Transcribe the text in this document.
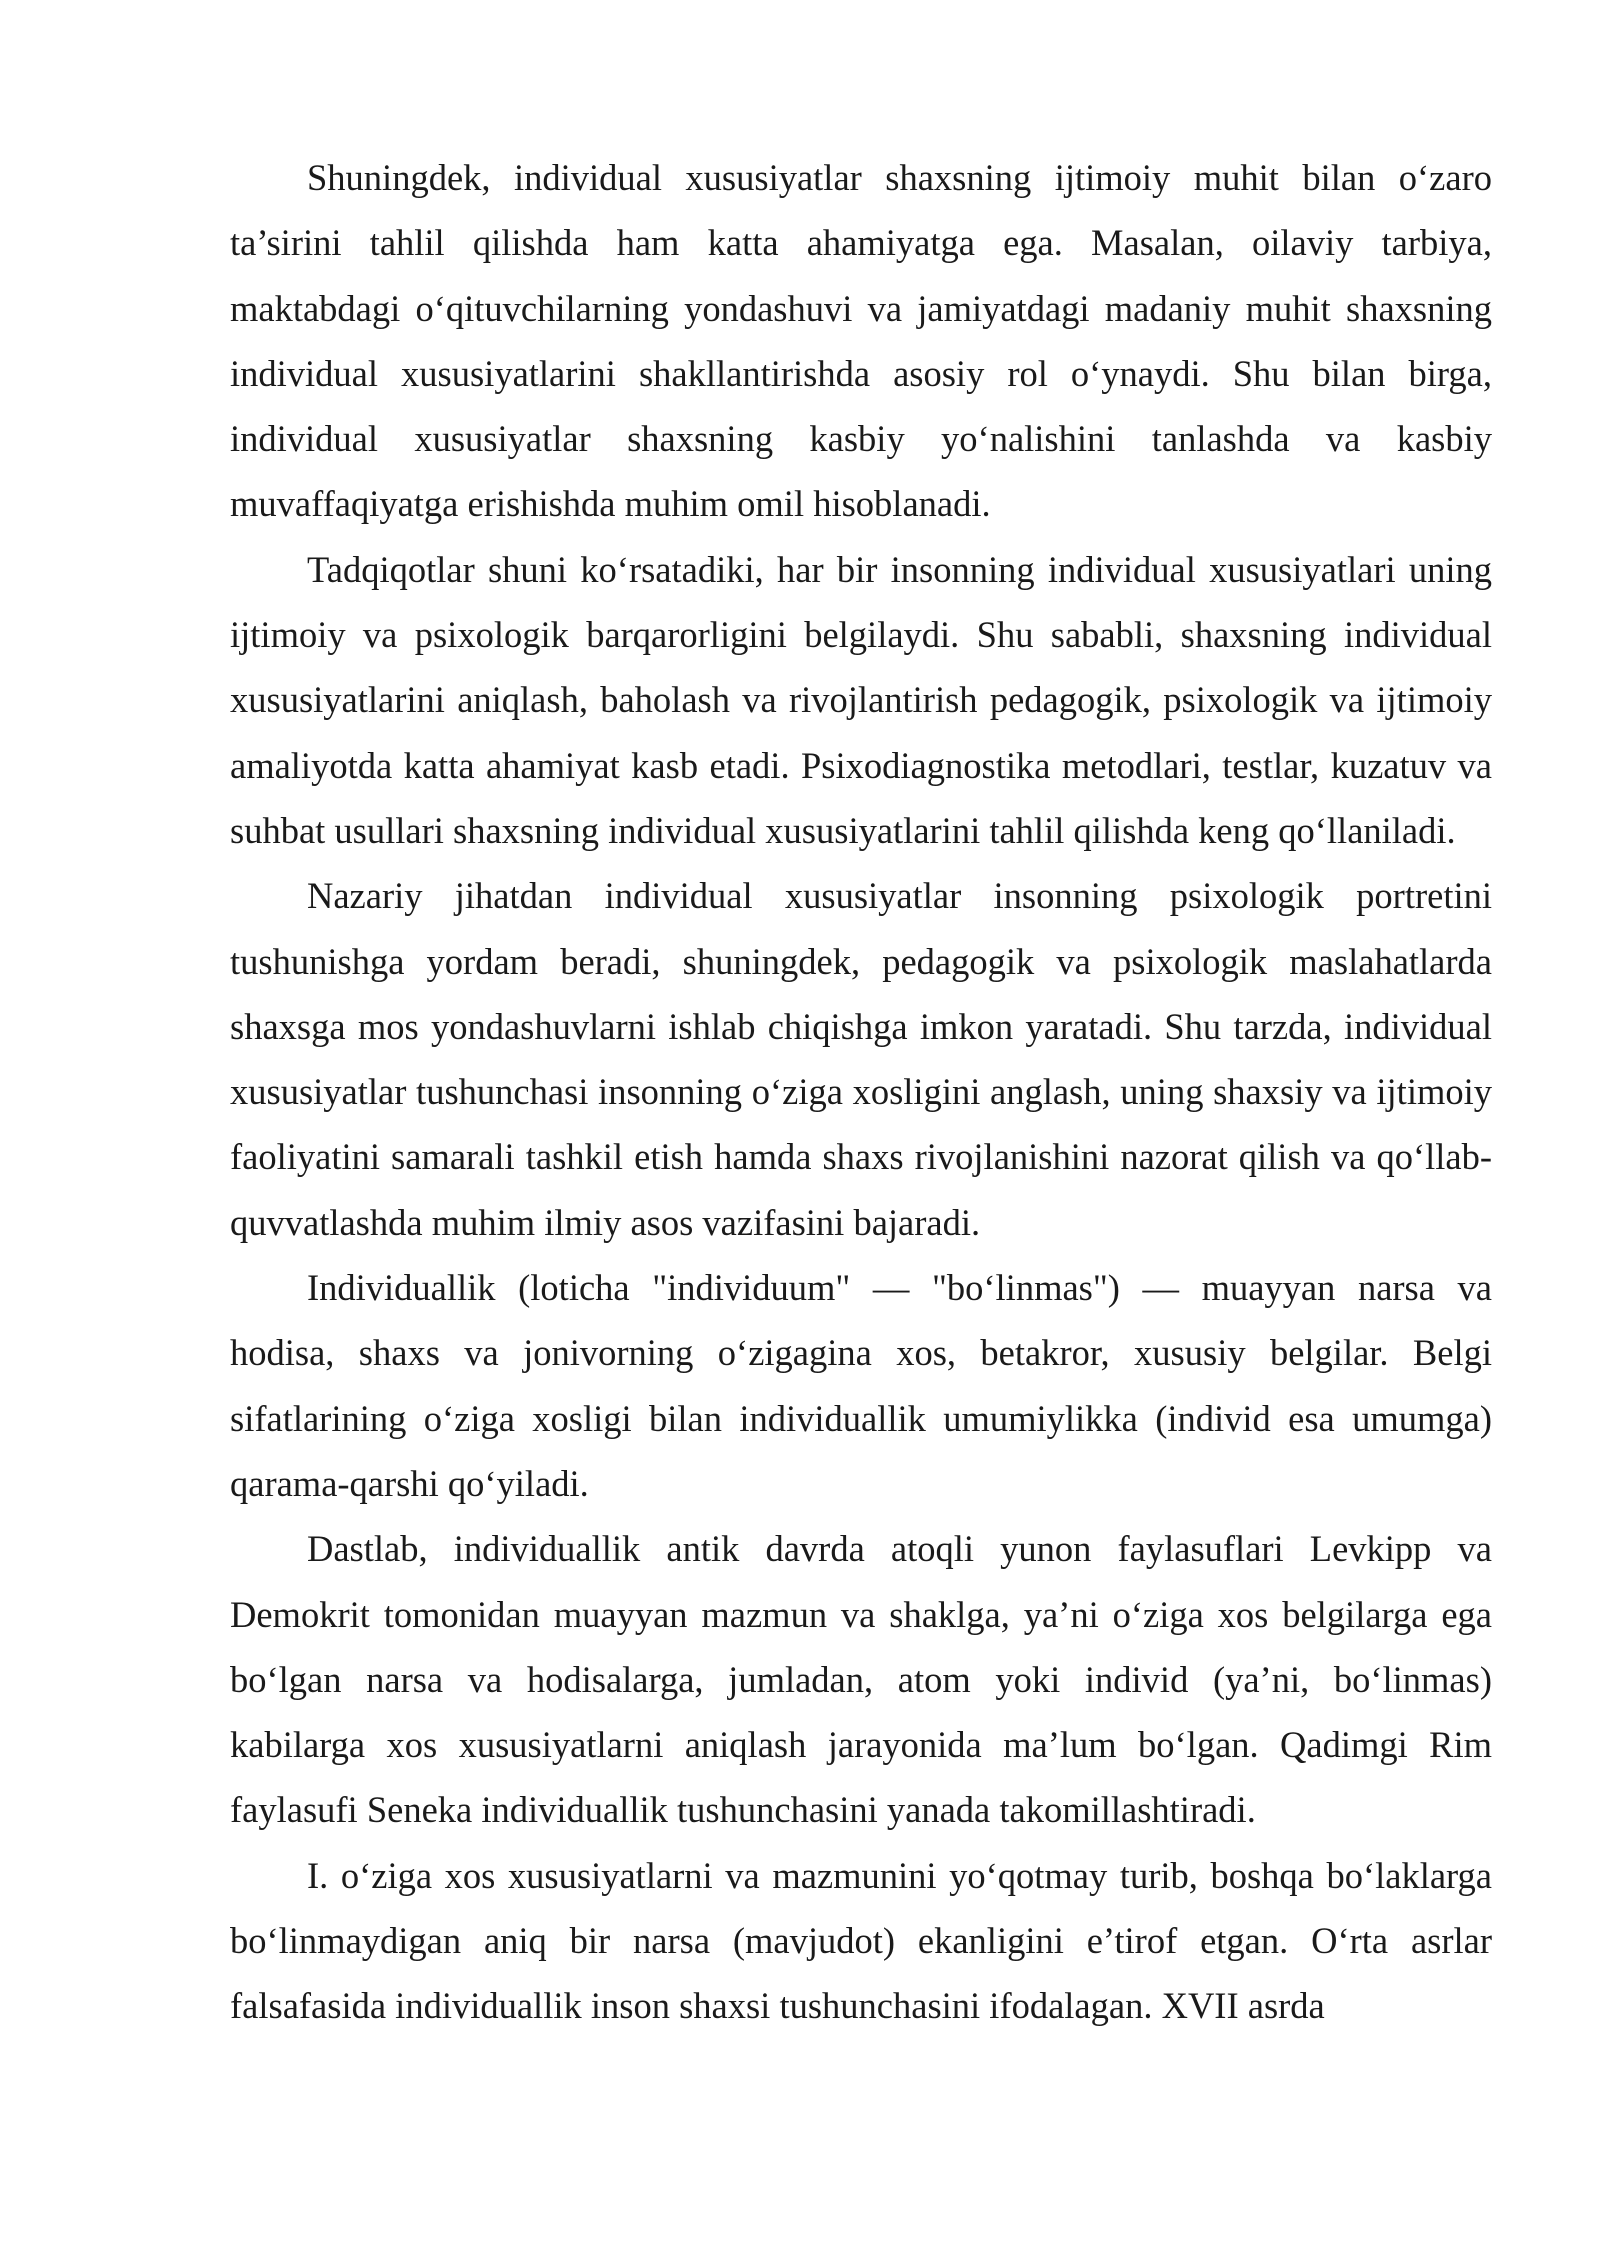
Shuningdek, individual xususiyatlar shaxsning ijtimoiy muhit bilan o‘zaro ta’sirini tahlil qilishda ham katta ahamiyatga ega. Masalan, oilaviy tarbiya, maktabdagi o‘qituvchilarning yondashuvi va jamiyatdagi madaniy muhit shaxsning individual xususiyatlarini shakllantirishda asosiy rol o‘ynaydi. Shu bilan birga, individual xususiyatlar shaxsning kasbiy yo‘nalishini tanlashda va kasbiy muvaffaqiyatga erishishda muhim omil hisoblanadi.

Tadqiqotlar shuni ko‘rsatadiki, har bir insonning individual xususiyatlari uning ijtimoiy va psixologik barqarorligini belgilaydi. Shu sababli, shaxsning individual xususiyatlarini aniqlash, baholash va rivojlantirish pedagogik, psixologik va ijtimoiy amaliyotda katta ahamiyat kasb etadi. Psixodiagnostika metodlari, testlar, kuzatuv va suhbat usullari shaxsning individual xususiyatlarini tahlil qilishda keng qo‘llaniladi.

Nazariy jihatdan individual xususiyatlar insonning psixologik portretini tushunishga yordam beradi, shuningdek, pedagogik va psixologik maslahatlarda shaxsga mos yondashuvlarni ishlab chiqishga imkon yaratadi. Shu tarzda, individual xususiyatlar tushunchasi insonning o‘ziga xosligini anglash, uning shaxsiy va ijtimoiy faoliyatini samarali tashkil etish hamda shaxs rivojlanishini nazorat qilish va qo‘llab-quvvatlashda muhim ilmiy asos vazifasini bajaradi.

Individuallik (loticha "individuum" — "bo‘linmas") — muayyan narsa va hodisa, shaxs va jonivorning o‘zigagina xos, betakror, xususiy belgilar. Belgi sifatlarining o‘ziga xosligi bilan individuallik umumiylikka (individ esa umumga) qarama-qarshi qo‘yiladi.

Dastlab, individuallik antik davrda atoqli yunon faylasuflari Levkipp va Demokrit tomonidan muayyan mazmun va shaklga, ya’ni o‘ziga xos belgilarga ega bo‘lgan narsa va hodisalarga, jumladan, atom yoki individ (ya’ni, bo‘linmas) kabilarga xos xususiyatlarni aniqlash jarayonida ma’lum bo‘lgan. Qadimgi Rim faylasufi Seneka individuallik tushunchasini yanada takomillashtiradi.

I. o‘ziga xos xususiyatlarni va mazmunini yo‘qotmay turib, boshqa bo‘laklarga bo‘linmaydigan aniq bir narsa (mavjudot) ekanligini e’tirof etgan. O‘rta asrlar falsafasida individuallik inson shaxsi tushunchasini ifodalagan. XVII asrda
